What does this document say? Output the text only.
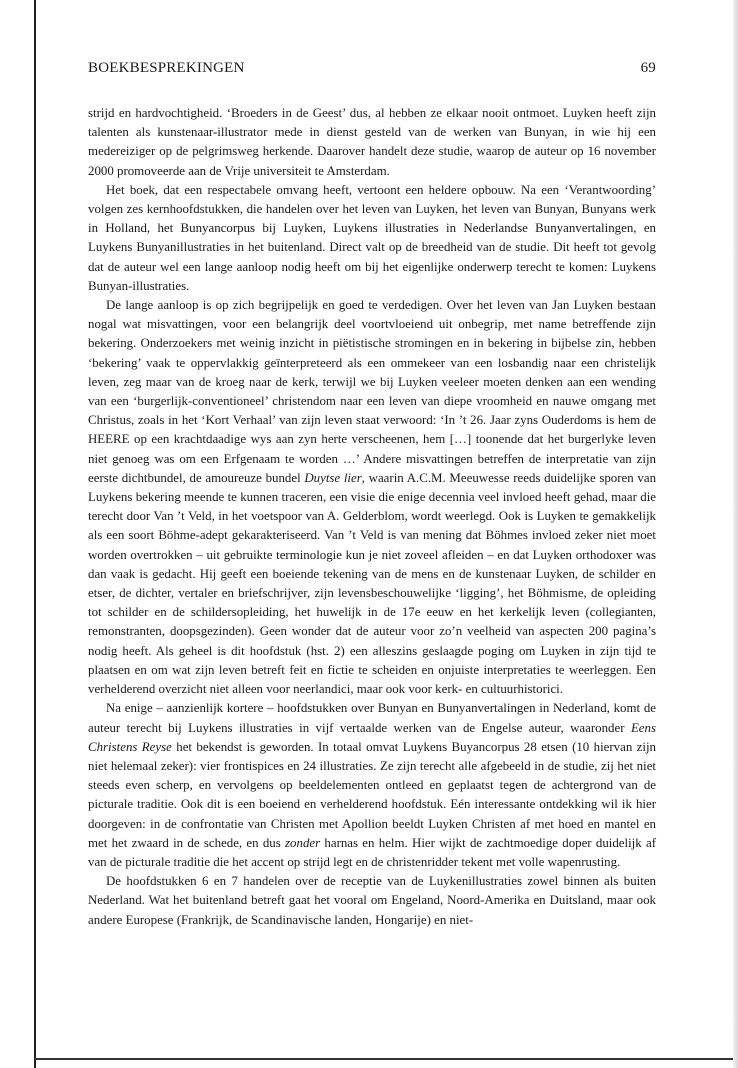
BOEKBESPREKINGEN	69

strijd en hardvochtigheid. ‘Broeders in de Geest’ dus, al hebben ze elkaar nooit ontmoet. Luyken heeft zijn talenten als kunstenaar-illustrator mede in dienst gesteld van de werken van Bunyan, in wie hij een medereiziger op de pelgrimsweg herkende. Daarover handelt deze studie, waarop de auteur op 16 november 2000 promoveerde aan de Vrije universiteit te Amsterdam.

Het boek, dat een respectabele omvang heeft, vertoont een heldere opbouw. Na een ‘Verantwoording’ volgen zes kernhoofdstukken, die handelen over het leven van Luyken, het leven van Bunyan, Bunyans werk in Holland, het Bunyancorpus bij Luyken, Luykens illustraties in Nederlandse Bunyanvertalingen, en Luykens Bunyanillustraties in het buitenland. Direct valt op de breedheid van de studie. Dit heeft tot gevolg dat de auteur wel een lange aanloop nodig heeft om bij het eigenlijke onderwerp terecht te komen: Luykens Bunyan-illustraties.

De lange aanloop is op zich begrijpelijk en goed te verdedigen. Over het leven van Jan Luyken bestaan nogal wat misvattingen, voor een belangrijk deel voortvloeiend uit onbegrip, met name betreffende zijn bekering. Onderzoekers met weinig inzicht in piëtistische stromingen en in bekering in bijbelse zin, hebben ‘bekering’ vaak te oppervlakkig geïnterpreteerd als een ommekeer van een losbandig naar een christelijk leven, zeg maar van de kroeg naar de kerk, terwijl we bij Luyken veeleer moeten denken aan een wending van een ‘burgerlijk-conventioneel’ christendom naar een leven van diepe vroomheid en nauwe omgang met Christus, zoals in het ‘Kort Verhaal’ van zijn leven staat verwoord: ‘In ’t 26. Jaar zyns Ouderdoms is hem de HEERE op een krachtdaadige wys aan zyn herte verscheenen, hem […] toonende dat het burgerlyke leven niet genoeg was om een Erfgenaam te worden …’ Andere misvattingen betreffen de interpretatie van zijn eerste dichtbundel, de amoureuze bundel Duytse lier, waarin A.C.M. Meeuwesse reeds duidelijke sporen van Luykens bekering meende te kunnen traceren, een visie die enige decennia veel invloed heeft gehad, maar die terecht door Van ’t Veld, in het voetspoor van A. Gelderblom, wordt weerlegd. Ook is Luyken te gemakkelijk als een soort Böhme-adept gekarakteriseerd. Van ’t Veld is van mening dat Böhmes invloed zeker niet moet worden overtrokken – uit gebruikte terminologie kun je niet zoveel afleiden – en dat Luyken orthodoxer was dan vaak is gedacht. Hij geeft een boeiende tekening van de mens en de kunstenaar Luyken, de schilder en etser, de dichter, vertaler en briefschrijver, zijn levensbeschouwelijke ‘ligging’, het Böhmisme, de opleiding tot schilder en de schildersopleiding, het huwelijk in de 17e eeuw en het kerkelijk leven (collegianten, remonstranten, doopsgezinden). Geen wonder dat de auteur voor zo’n veelheid van aspecten 200 pagina’s nodig heeft. Als geheel is dit hoofdstuk (hst. 2) een alleszins geslaagde poging om Luyken in zijn tijd te plaatsen en om wat zijn leven betreft feit en fictie te scheiden en onjuiste interpretaties te weerleggen. Een verhelderend overzicht niet alleen voor neerlandici, maar ook voor kerk- en cultuurhistorici.

Na enige – aanzienlijk kortere – hoofdstukken over Bunyan en Bunyanvertalingen in Nederland, komt de auteur terecht bij Luykens illustraties in vijf vertaalde werken van de Engelse auteur, waaronder Eens Christens Reyse het bekendst is geworden. In totaal omvat Luykens Buyancorpus 28 etsen (10 hiervan zijn niet helemaal zeker): vier frontispices en 24 illustraties. Ze zijn terecht alle afgebeeld in de studie, zij het niet steeds even scherp, en vervolgens op beeldelementen ontleed en geplaatst tegen de achtergrond van de picturale traditie. Ook dit is een boeiend en verhelderend hoofdstuk. Eén interessante ontdekking wil ik hier doorgeven: in de confrontatie van Christen met Apollion beeldt Luyken Christen af met hoed en mantel en met het zwaard in de schede, en dus zonder harnas en helm. Hier wijkt de zachtmoedige doper duidelijk af van de picturale traditie die het accent op strijd legt en de christenridder tekent met volle wapenrusting.

De hoofdstukken 6 en 7 handelen over de receptie van de Luykenillustraties zowel binnen als buiten Nederland. Wat het buitenland betreft gaat het vooral om Engeland, Noord-Amerika en Duitsland, maar ook andere Europese (Frankrijk, de Scandinavische landen, Hongarije) en niet-
